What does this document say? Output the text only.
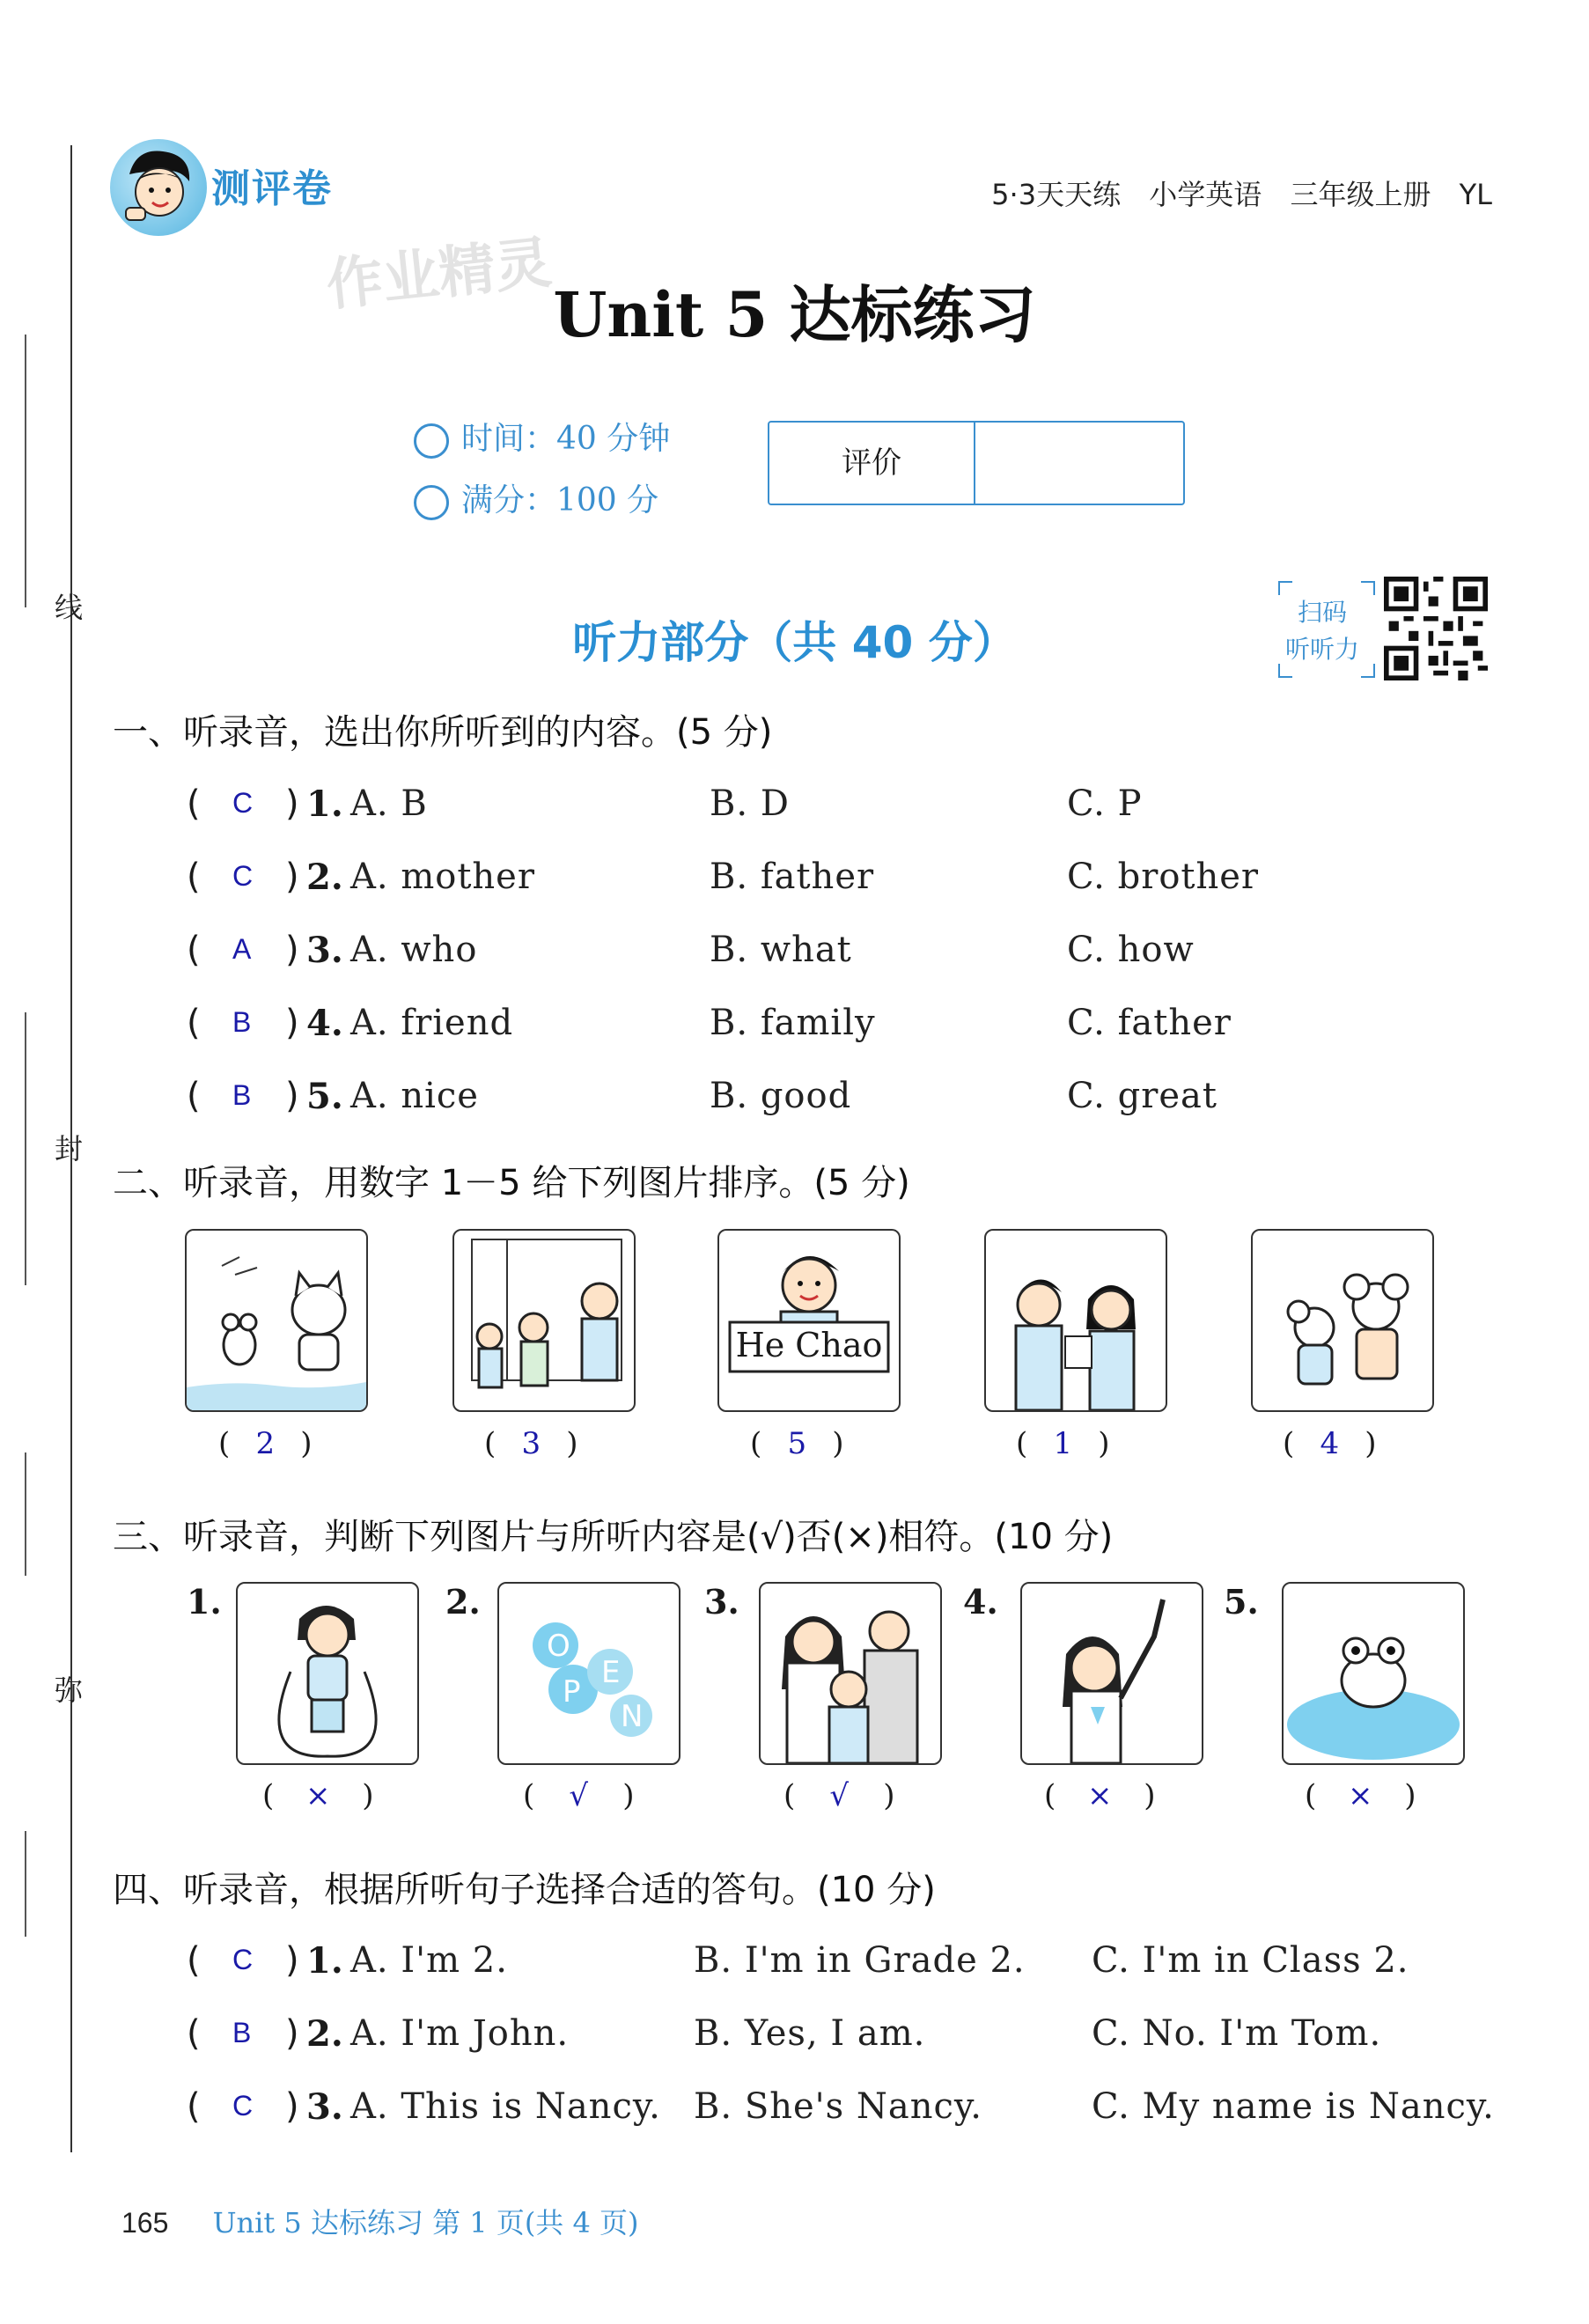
线
封
弥
测评卷	5·3天天练 小学英语 三年级上册 YL
作业精灵
Unit 5 达标练习
时间：40 分钟
满分：100 分
评价
听力部分（共 40 分）
扫码
听听力
一、听录音，选出你所听到的内容。(5 分)
( C ) 1. A. B	B. D	C. P
( C ) 2. A. mother	B. father	C. brother
( A ) 3. A. who	B. what	C. how
( B ) 4. A. friend	B. family	C. father
( B ) 5. A. nice	B. good	C. great
二、听录音，用数字 1－5 给下列图片排序。(5 分)
He Chao
( 2 )	( 3 )	( 5 )	( 1 )	( 4 )
三、听录音，判断下列图片与所听内容是(√)否(×)相符。(10 分)
1.	2.	3.	4.	5.
O
P
E
N
( × )	( √ )	( √ )	( × )	( × )
四、听录音，根据所听句子选择合适的答句。(10 分)
( C ) 1. A. I'm 2.	B. I'm in Grade 2. C. I'm in Class 2.
( B ) 2. A. I'm John.	B. Yes, I am.	C. No. I'm Tom.
( C ) 3. A. This is Nancy. B. She's Nancy.	C. My name is Nancy.
165 Unit 5 达标练习 第 1 页(共 4 页)
